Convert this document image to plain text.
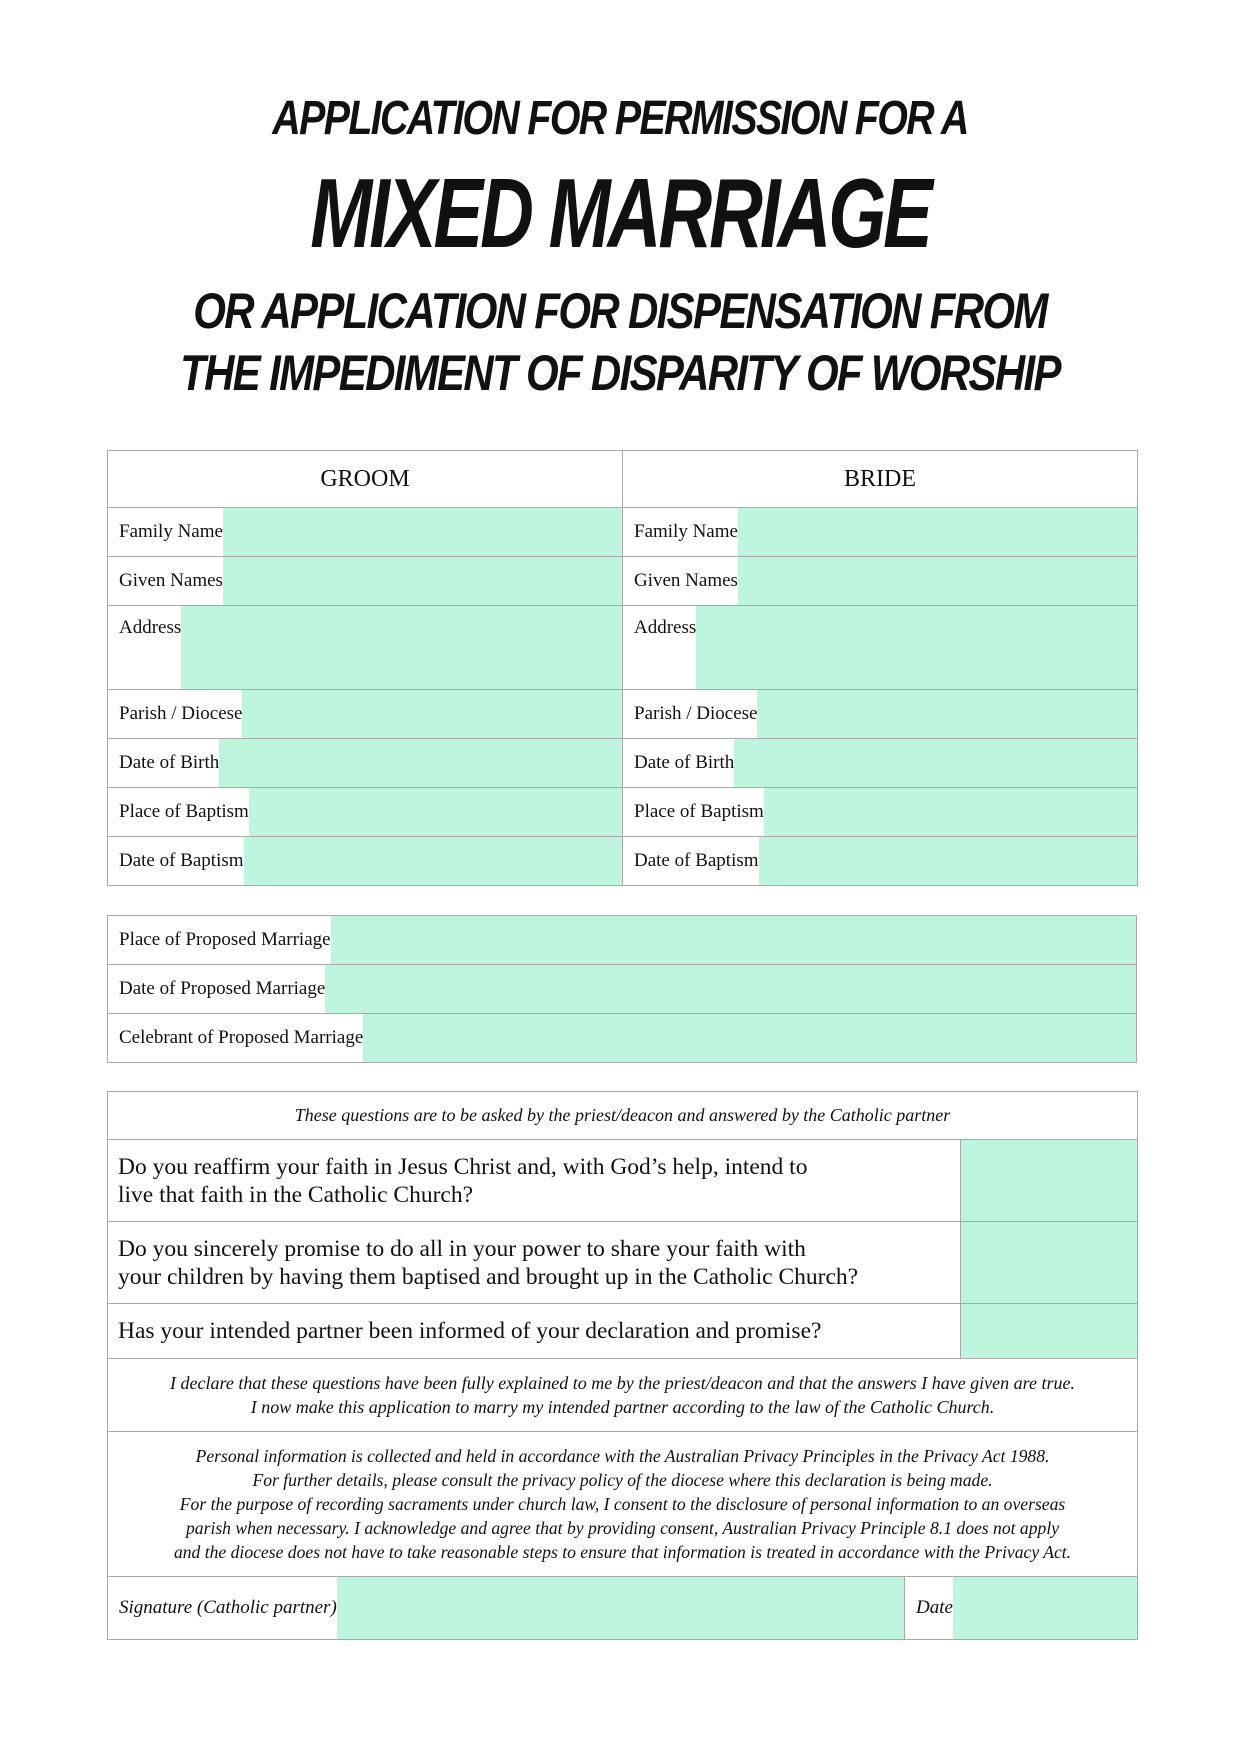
APPLICATION FOR PERMISSION FOR A
MIXED MARRIAGE
OR APPLICATION FOR DISPENSATION FROM
THE IMPEDIMENT OF DISPARITY OF WORSHIP
GROOM	BRIDE

Family Name	Family Name

Given Names	Given Names

Address	Address

Parish / Diocese	Parish / Diocese

Date of Birth	Date of Birth

Place of Baptism	Place of Baptism

Date of Baptism	Date of Baptism
Place of Proposed Marriage

Date of Proposed Marriage

Celebrant of Proposed Marriage
These questions are to be asked by the priest/deacon and answered by the Catholic partner		
Do you reaffirm your faith in Jesus Christ and, with God’s help, intend to
live that faith in the Catholic Church?		
Do you sincerely promise to do all in your power to share your faith with
your children by having them baptised and brought up in the Catholic Church?		
Has your intended partner been informed of your declaration and promise?		
I declare that these questions have been fully explained to me by the priest/deacon and that the answers I have given are true.
I now make this application to marry my intended partner according to the law of the Catholic Church.		
Personal information is collected and held in accordance with the Australian Privacy Principles in the Privacy Act 1988.
For further details, please consult the privacy policy of the diocese where this declaration is being made.
For the purpose of recording sacraments under church law, I consent to the disclosure of personal information to an overseas
parish when necessary. I acknowledge and agree that by providing consent, Australian Privacy Principle 8.1 does not apply
and the diocese does not have to take reasonable steps to ensure that information is treated in accordance with the Privacy Act.		

Signature (Catholic partner)	Date	
